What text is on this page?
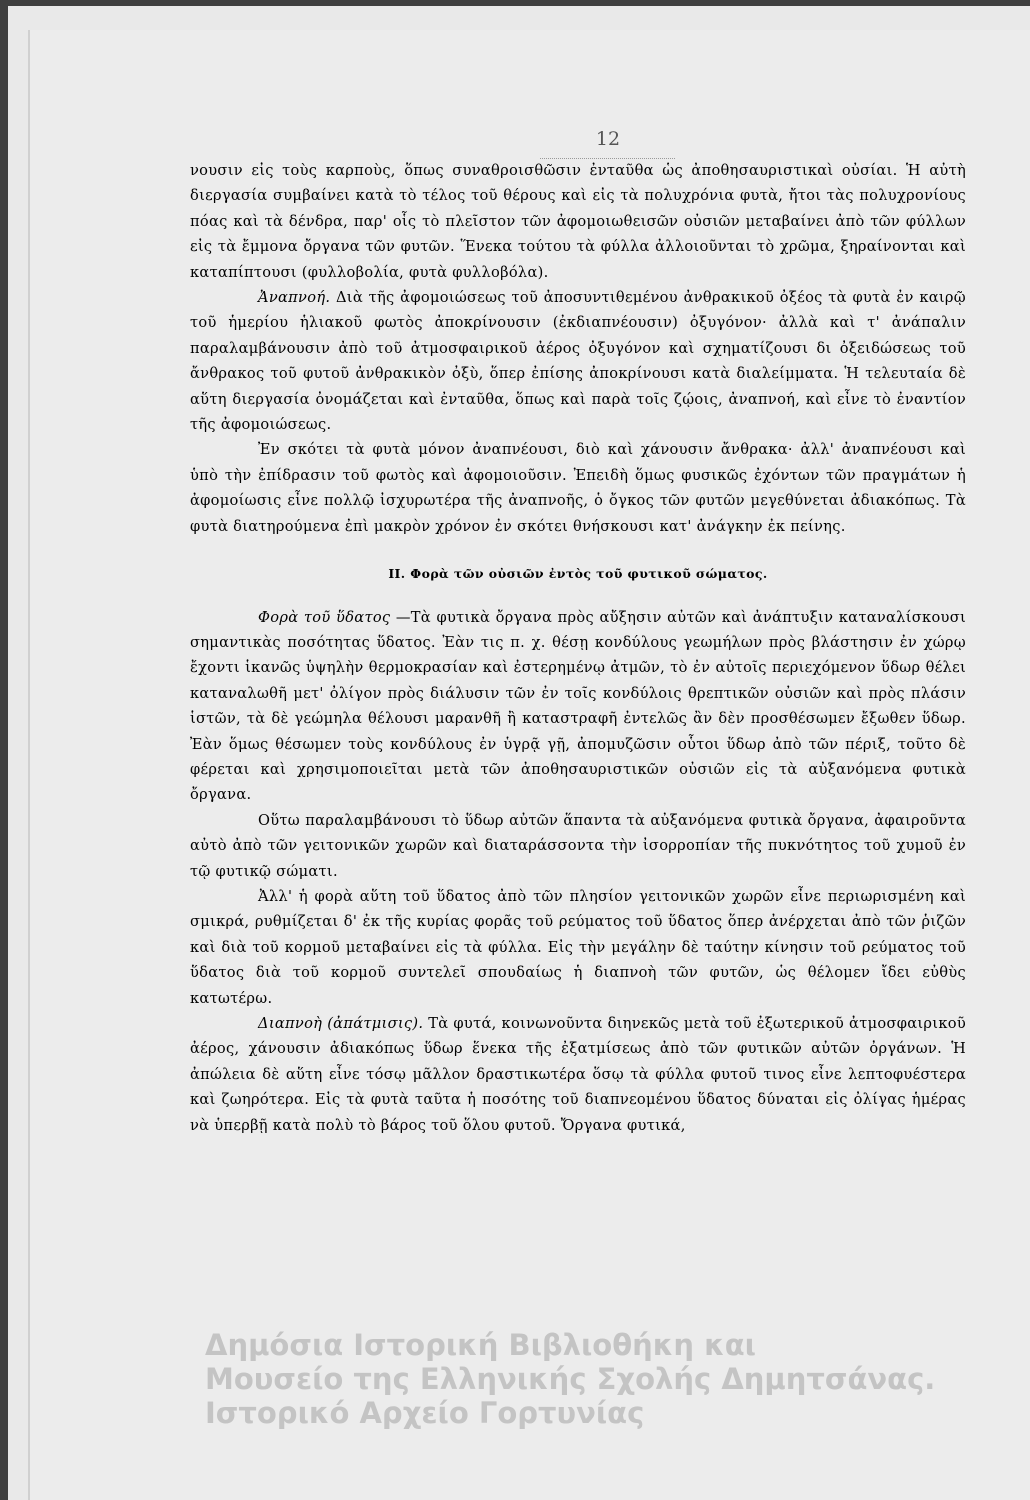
12

νουσιν εἰς τοὺς καρποὺς, ὅπως συναθροισθῶσιν ἐνταῦθα ὡς ἀποθησαυριστικαὶ οὐσίαι. Ἡ αὐτὴ διεργασία συμβαίνει κατὰ τὸ τέλος τοῦ θέρους καὶ εἰς τὰ πολυχρόνια φυτὰ, ἤτοι τὰς πολυχρονίους πόας καὶ τὰ δένδρα, παρ' οἷς τὸ πλεῖστον τῶν ἀφομοιωθεισῶν οὐσιῶν μεταβαίνει ἀπὸ τῶν φύλλων εἰς τὰ ἔμμονα ὄργανα τῶν φυτῶν. Ἕνεκα τούτου τὰ φύλλα ἀλλοιοῦνται τὸ χρῶμα, ξηραίνονται καὶ καταπίπτουσι (φυλλοβολία, φυτὰ φυλλοβόλα).

Ἀναπνοή. Διὰ τῆς ἀφομοιώσεως τοῦ ἀποσυντιθεμένου ἀνθρακικοῦ ὀξέος τὰ φυτὰ ἐν καιρῷ τοῦ ἡμερίου ἡλιακοῦ φωτὸς ἀποκρίνουσιν (ἐκδιαπνέουσιν) ὀξυγόνον· ἀλλὰ καὶ τ' ἀνάπαλιν παραλαμβάνουσιν ἀπὸ τοῦ ἀτμοσφαιρικοῦ ἀέρος ὀξυγόνον καὶ σχηματίζουσι δι ὀξειδώσεως τοῦ ἄνθρακος τοῦ φυτοῦ ἀνθρακικὸν ὀξὺ, ὅπερ ἐπίσης ἀποκρίνουσι κατὰ διαλείμματα. Ἡ τελευταία δὲ αὕτη διεργασία ὀνομάζεται καὶ ἐνταῦθα, ὅπως καὶ παρὰ τοῖς ζῴοις, ἀναπνοή, καὶ εἶνε τὸ ἐναντίον τῆς ἀφομοιώσεως.

Ἐν σκότει τὰ φυτὰ μόνον ἀναπνέουσι, διὸ καὶ χάνουσιν ἄνθρακα· ἀλλ' ἀναπνέουσι καὶ ὑπὸ τὴν ἐπίδρασιν τοῦ φωτὸς καὶ ἀφομοιοῦσιν. Ἐπειδὴ ὅμως φυσικῶς ἐχόντων τῶν πραγμάτων ἡ ἀφομοίωσις εἶνε πολλῷ ἰσχυρωτέρα τῆς ἀναπνοῆς, ὁ ὄγκος τῶν φυτῶν μεγεθύνεται ἀδιακόπως. Τὰ φυτὰ διατηρούμενα ἐπὶ μακρὸν χρόνον ἐν σκότει θνήσκουσι κατ' ἀνάγκην ἐκ πείνης.

II. Φορὰ τῶν οὐσιῶν ἐντὸς τοῦ φυτικοῦ σώματος.

Φορὰ τοῦ ὕδατος —Τὰ φυτικὰ ὄργανα πρὸς αὔξησιν αὐτῶν καὶ ἀνάπτυξιν καταναλίσκουσι σημαντικὰς ποσότητας ὕδατος. Ἐὰν τις π. χ. θέσῃ κονδύλους γεωμήλων πρὸς βλάστησιν ἐν χώρῳ ἔχοντι ἱκανῶς ὑψηλὴν θερμοκρασίαν καὶ ἐστερημένῳ ἀτμῶν, τὸ ἐν αὐτοῖς περιεχόμενον ὕδωρ θέλει καταναλωθῆ μετ' ὀλίγον πρὸς διάλυσιν τῶν ἐν τοῖς κονδύλοις θρεπτικῶν οὐσιῶν καὶ πρὸς πλάσιν ἱστῶν, τὰ δὲ γεώμηλα θέλουσι μαρανθῆ ἢ καταστραφῆ ἐντελῶς ἂν δὲν προσθέσωμεν ἔξωθεν ὕδωρ. Ἐὰν ὅμως θέσωμεν τοὺς κονδύλους ἐν ὑγρᾷ γῇ, ἀπομυζῶσιν οὗτοι ὕδωρ ἀπὸ τῶν πέριξ, τοῦτο δὲ φέρεται καὶ χρησιμοποιεῖται μετὰ τῶν ἀποθησαυριστικῶν οὐσιῶν εἰς τὰ αὐξανόμενα φυτικὰ ὄργανα.

Οὕτω παραλαμβάνουσι τὸ ὕδωρ αὐτῶν ἅπαντα τὰ αὐξανόμενα φυτικὰ ὄργανα, ἀφαιροῦντα αὐτὸ ἀπὸ τῶν γειτονικῶν χωρῶν καὶ διαταράσσοντα τὴν ἰσορροπίαν τῆς πυκνότητος τοῦ χυμοῦ ἐν τῷ φυτικῷ σώματι.

Ἀλλ' ἡ φορὰ αὕτη τοῦ ὕδατος ἀπὸ τῶν πλησίον γειτονικῶν χωρῶν εἶνε περιωρισμένη καὶ σμικρά, ρυθμίζεται δ' ἐκ τῆς κυρίας φορᾶς τοῦ ρεύματος τοῦ ὕδατος ὅπερ ἀνέρχεται ἀπὸ τῶν ῥιζῶν καὶ διὰ τοῦ κορμοῦ μεταβαίνει εἰς τὰ φύλλα. Εἰς τὴν μεγάλην δὲ ταύτην κίνησιν τοῦ ρεύματος τοῦ ὕδατος διὰ τοῦ κορμοῦ συντελεῖ σπουδαίως ἡ διαπνοὴ τῶν φυτῶν, ὡς θέλομεν ἴδει εὐθὺς κατωτέρω.

Διαπνοὴ (ἀπάτμισις). Τὰ φυτά, κοινωνοῦντα διηνεκῶς μετὰ τοῦ ἐξωτερικοῦ ἀτμοσφαιρικοῦ ἀέρος, χάνουσιν ἀδιακόπως ὕδωρ ἕνεκα τῆς ἐξατμίσεως ἀπὸ τῶν φυτικῶν αὐτῶν ὀργάνων. Ἡ ἀπώλεια δὲ αὕτη εἶνε τόσῳ μᾶλλον δραστικωτέρα ὅσῳ τὰ φύλλα φυτοῦ τινος εἶνε λεπτοφυέστερα καὶ ζωηρότερα. Εἰς τὰ φυτὰ ταῦτα ἡ ποσότης τοῦ διαπνεομένου ὕδατος δύναται εἰς ὀλίγας ἡμέρας νὰ ὑπερβῇ κατὰ πολὺ τὸ βάρος τοῦ ὅλου φυτοῦ. Ὄργανα φυτικά,

Δημόσια Ιστορική Βιβλιοθήκη και
Μουσείο της Ελληνικής Σχολής Δημητσάνας.
Ιστορικό Αρχείο Γορτυνίας
